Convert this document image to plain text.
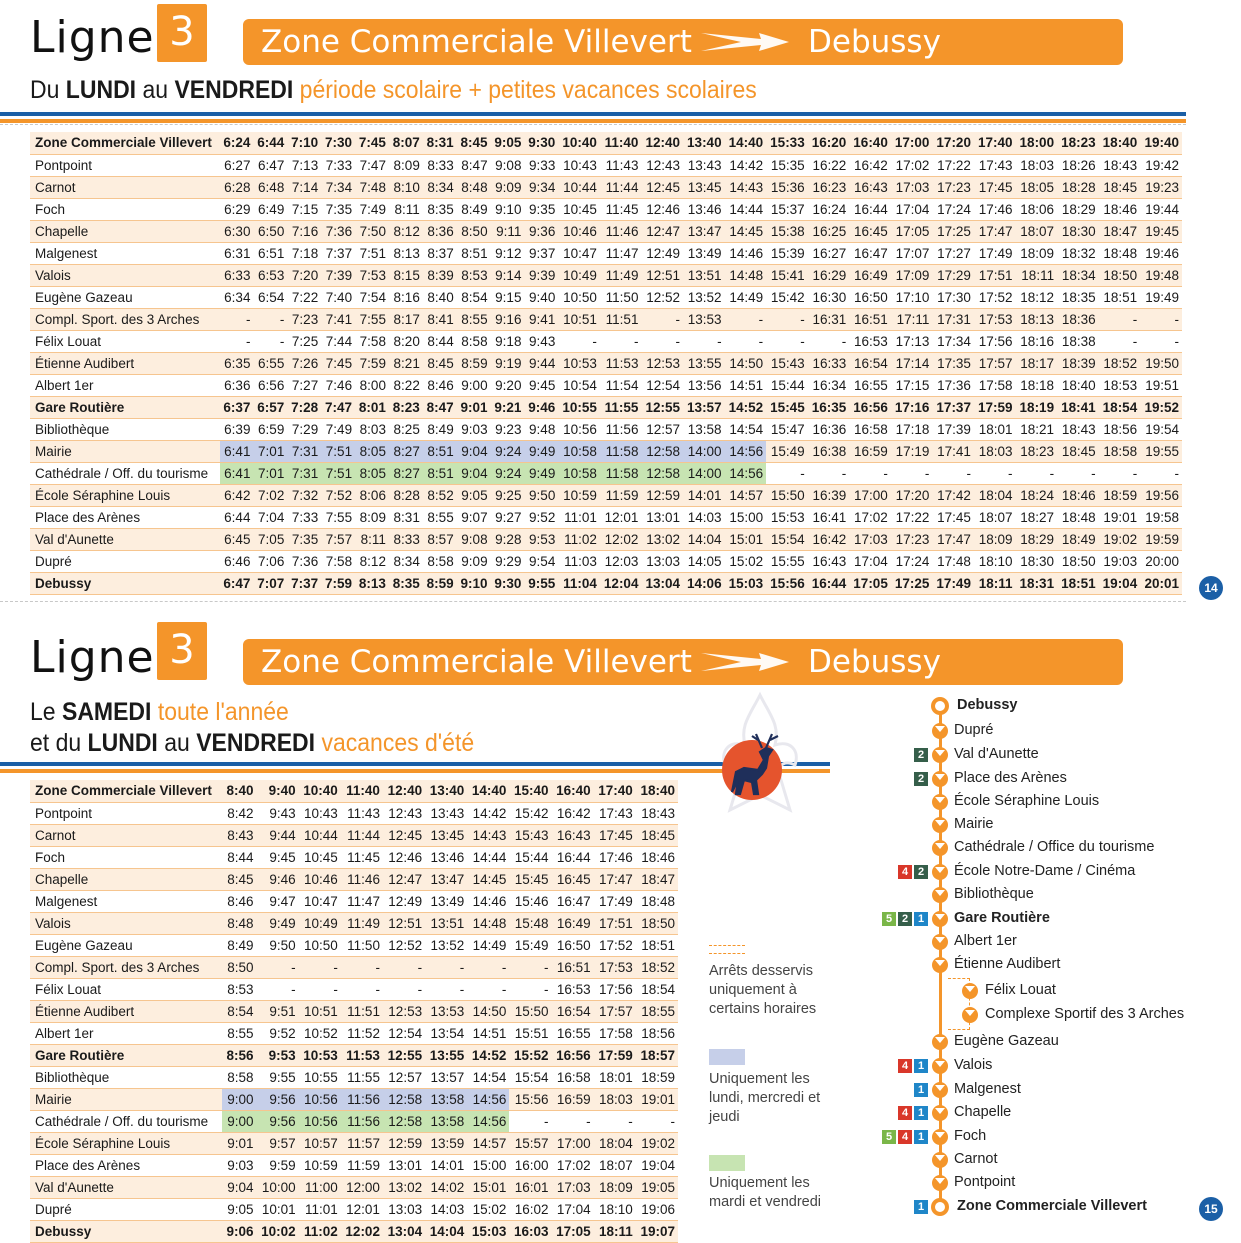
Ligne 3	Zone Commerciale Villevert	Debussy
Du LUNDI au VENDREDI période scolaire + petites vacances scolaires
Zone Commerciale Villevert	6:24	6:44	7:10	7:30	7:45	8:07	8:31	8:45	9:05	9:30	10:40	11:40	12:40	13:40	14:40	15:33	16:20	16:40	17:00	17:20	17:40	18:00	18:23	18:40	19:40
Pontpoint	6:27	6:47	7:13	7:33	7:47	8:09	8:33	8:47	9:08	9:33	10:43	11:43	12:43	13:43	14:42	15:35	16:22	16:42	17:02	17:22	17:43	18:03	18:26	18:43	19:42
Carnot	6:28	6:48	7:14	7:34	7:48	8:10	8:34	8:48	9:09	9:34	10:44	11:44	12:45	13:45	14:43	15:36	16:23	16:43	17:03	17:23	17:45	18:05	18:28	18:45	19:23
Foch	6:29	6:49	7:15	7:35	7:49	8:11	8:35	8:49	9:10	9:35	10:45	11:45	12:46	13:46	14:44	15:37	16:24	16:44	17:04	17:24	17:46	18:06	18:29	18:46	19:44
Chapelle	6:30	6:50	7:16	7:36	7:50	8:12	8:36	8:50	9:11	9:36	10:46	11:46	12:47	13:47	14:45	15:38	16:25	16:45	17:05	17:25	17:47	18:07	18:30	18:47	19:45
Malgenest	6:31	6:51	7:18	7:37	7:51	8:13	8:37	8:51	9:12	9:37	10:47	11:47	12:49	13:49	14:46	15:39	16:27	16:47	17:07	17:27	17:49	18:09	18:32	18:48	19:46
Valois	6:33	6:53	7:20	7:39	7:53	8:15	8:39	8:53	9:14	9:39	10:49	11:49	12:51	13:51	14:48	15:41	16:29	16:49	17:09	17:29	17:51	18:11	18:34	18:50	19:48
Eugène Gazeau	6:34	6:54	7:22	7:40	7:54	8:16	8:40	8:54	9:15	9:40	10:50	11:50	12:52	13:52	14:49	15:42	16:30	16:50	17:10	17:30	17:52	18:12	18:35	18:51	19:49
Compl. Sport. des 3 Arches	-	-	7:23	7:41	7:55	8:17	8:41	8:55	9:16	9:41	10:51	11:51	-	13:53	-	-	16:31	16:51	17:11	17:31	17:53	18:13	18:36	-	-
Félix Louat	-	-	7:25	7:44	7:58	8:20	8:44	8:58	9:18	9:43	-	-	-	-	-	-	-	16:53	17:13	17:34	17:56	18:16	18:38	-	-
Étienne Audibert	6:35	6:55	7:26	7:45	7:59	8:21	8:45	8:59	9:19	9:44	10:53	11:53	12:53	13:55	14:50	15:43	16:33	16:54	17:14	17:35	17:57	18:17	18:39	18:52	19:50
Albert 1er	6:36	6:56	7:27	7:46	8:00	8:22	8:46	9:00	9:20	9:45	10:54	11:54	12:54	13:56	14:51	15:44	16:34	16:55	17:15	17:36	17:58	18:18	18:40	18:53	19:51
Gare Routière	6:37	6:57	7:28	7:47	8:01	8:23	8:47	9:01	9:21	9:46	10:55	11:55	12:55	13:57	14:52	15:45	16:35	16:56	17:16	17:37	17:59	18:19	18:41	18:54	19:52
Bibliothèque	6:39	6:59	7:29	7:49	8:03	8:25	8:49	9:03	9:23	9:48	10:56	11:56	12:57	13:58	14:54	15:47	16:36	16:58	17:18	17:39	18:01	18:21	18:43	18:56	19:54
Mairie	6:41	7:01	7:31	7:51	8:05	8:27	8:51	9:04	9:24	9:49	10:58	11:58	12:58	14:00	14:56	15:49	16:38	16:59	17:19	17:41	18:03	18:23	18:45	18:58	19:55
Cathédrale / Off. du tourisme	6:41	7:01	7:31	7:51	8:05	8:27	8:51	9:04	9:24	9:49	10:58	11:58	12:58	14:00	14:56	-	-	-	-	-	-	-	-	-	-
École Séraphine Louis	6:42	7:02	7:32	7:52	8:06	8:28	8:52	9:05	9:25	9:50	10:59	11:59	12:59	14:01	14:57	15:50	16:39	17:00	17:20	17:42	18:04	18:24	18:46	18:59	19:56
Place des Arènes	6:44	7:04	7:33	7:55	8:09	8:31	8:55	9:07	9:27	9:52	11:01	12:01	13:01	14:03	15:00	15:53	16:41	17:02	17:22	17:45	18:07	18:27	18:48	19:01	19:58
Val d'Aunette	6:45	7:05	7:35	7:57	8:11	8:33	8:57	9:08	9:28	9:53	11:02	12:02	13:02	14:04	15:01	15:54	16:42	17:03	17:23	17:47	18:09	18:29	18:49	19:02	19:59
Dupré	6:46	7:06	7:36	7:58	8:12	8:34	8:58	9:09	9:29	9:54	11:03	12:03	13:03	14:05	15:02	15:55	16:43	17:04	17:24	17:48	18:10	18:30	18:50	19:03	20:00
Debussy	6:47	7:07	7:37	7:59	8:13	8:35	8:59	9:10	9:30	9:55	11:04	12:04	13:04	14:06	15:03	15:56	16:44	17:05	17:25	17:49	18:11	18:31	18:51	19:04	20:01	14
Ligne 3	Zone Commerciale Villevert	Debussy
Le SAMEDI toute l'année
et du LUNDI au VENDREDI vacances d'été
Zone Commerciale Villevert	8:40	9:40	10:40	11:40	12:40	13:40	14:40	15:40	16:40	17:40	18:40
Pontpoint	8:42	9:43	10:43	11:43	12:43	13:43	14:42	15:42	16:42	17:43	18:43
Carnot	8:43	9:44	10:44	11:44	12:45	13:45	14:43	15:43	16:43	17:45	18:45
Foch	8:44	9:45	10:45	11:45	12:46	13:46	14:44	15:44	16:44	17:46	18:46
Chapelle	8:45	9:46	10:46	11:46	12:47	13:47	14:45	15:45	16:45	17:47	18:47
Malgenest	8:46	9:47	10:47	11:47	12:49	13:49	14:46	15:46	16:47	17:49	18:48
Valois	8:48	9:49	10:49	11:49	12:51	13:51	14:48	15:48	16:49	17:51	18:50
Eugène Gazeau	8:49	9:50	10:50	11:50	12:52	13:52	14:49	15:49	16:50	17:52	18:51
Compl. Sport. des 3 Arches	8:50	-	-	-	-	-	-	-	16:51	17:53	18:52
Félix Louat	8:53	-	-	-	-	-	-	-	16:53	17:56	18:54
Étienne Audibert	8:54	9:51	10:51	11:51	12:53	13:53	14:50	15:50	16:54	17:57	18:55
Albert 1er	8:55	9:52	10:52	11:52	12:54	13:54	14:51	15:51	16:55	17:58	18:56
Gare Routière	8:56	9:53	10:53	11:53	12:55	13:55	14:52	15:52	16:56	17:59	18:57
Bibliothèque	8:58	9:55	10:55	11:55	12:57	13:57	14:54	15:54	16:58	18:01	18:59
Mairie	9:00	9:56	10:56	11:56	12:58	13:58	14:56	15:56	16:59	18:03	19:01
Cathédrale / Off. du tourisme	9:00	9:56	10:56	11:56	12:58	13:58	14:56	-	-	-	-
École Séraphine Louis	9:01	9:57	10:57	11:57	12:59	13:59	14:57	15:57	17:00	18:04	19:02
Place des Arènes	9:03	9:59	10:59	11:59	13:01	14:01	15:00	16:00	17:02	18:07	19:04
Val d'Aunette	9:04	10:00	11:00	12:00	13:02	14:02	15:01	16:01	17:03	18:09	19:05
Dupré	9:05	10:01	11:01	12:01	13:03	14:03	15:02	16:02	17:04	18:10	19:06
Debussy	9:06	10:02	11:02	12:02	13:04	14:04	15:03	16:03	17:05	18:11	19:07
Arrêts desservis uniquement à certains horaires
Uniquement les lundi, mercredi et jeudi
Uniquement les mardi et vendredi
Debussy
Dupré
Val d'Aunette
2
Place des Arènes
2
École Séraphine Louis
Mairie
Cathédrale / Office du tourisme
École Notre-Dame / Cinéma
4 2
Bibliothèque
Gare Routière
5 2 1
Albert 1er
Étienne Audibert
Félix Louat
Complexe Sportif des 3 Arches
Eugène Gazeau
Valois
4 1
Malgenest
1
Chapelle
4 1
Foch
5 4 1
Carnot
Pontpoint
Zone Commerciale Villevert
1	15
